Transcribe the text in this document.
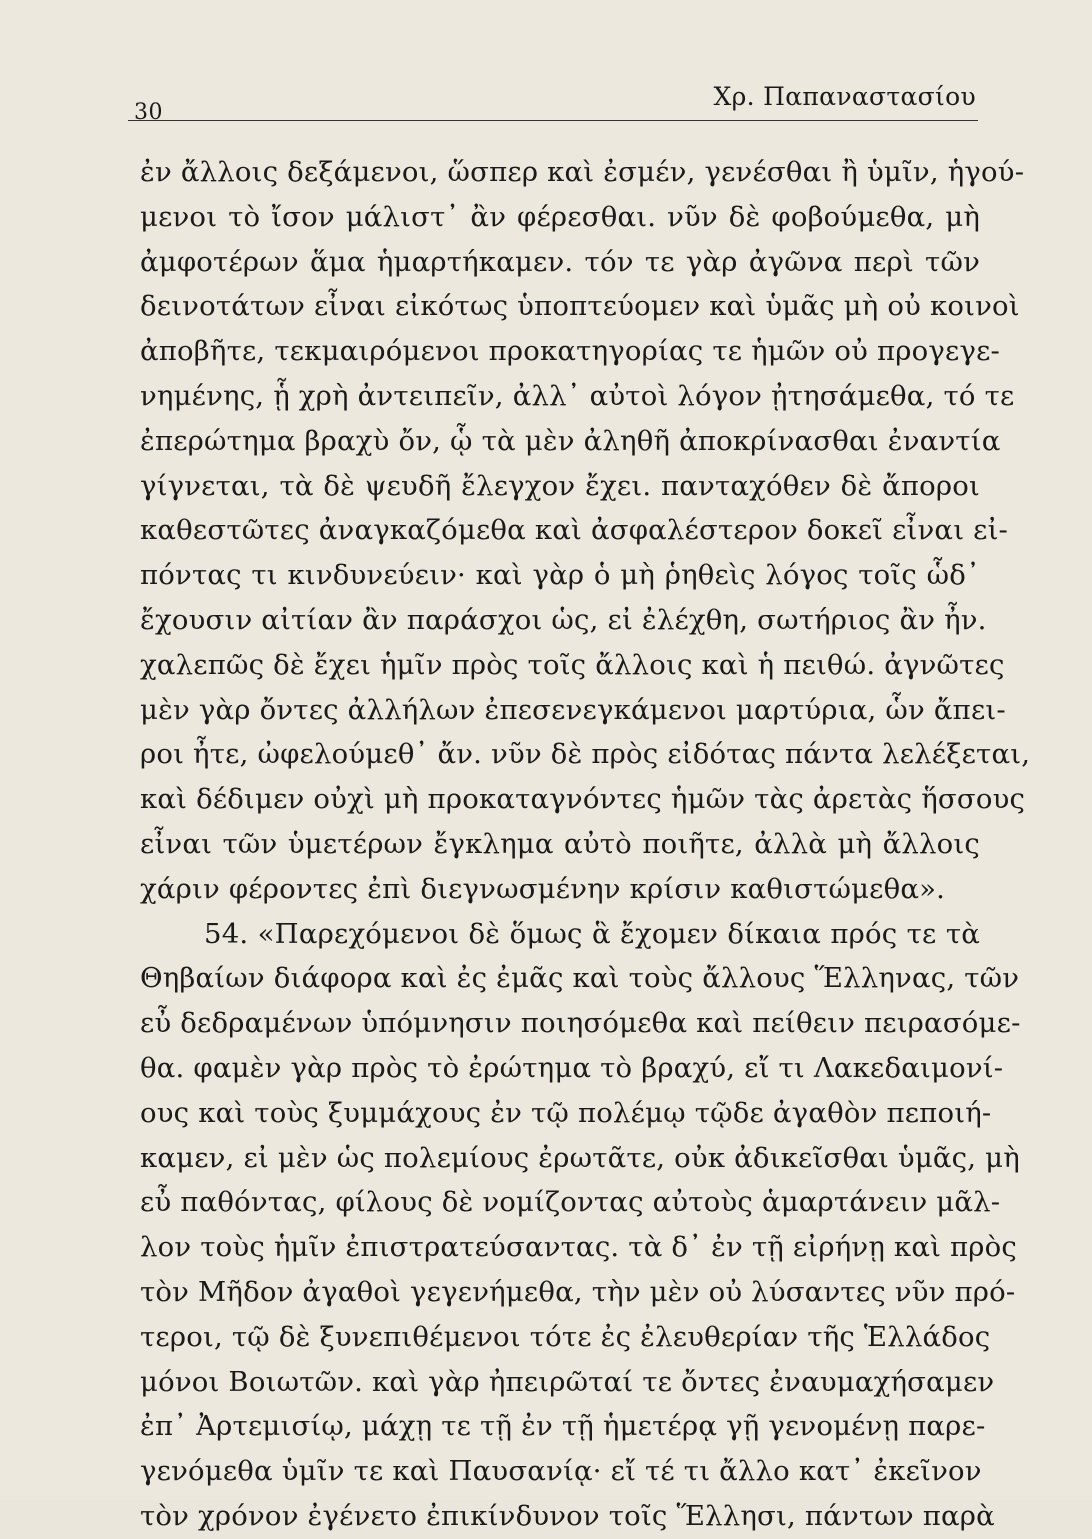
30
Χρ. Παπαναστασίου
ἐν ἄλλοις δεξάμενοι, ὥσπερ καὶ ἐσμέν, γενέσθαι ἢ ὑμῖν, ἡγού-
μενοι τὸ ἴσον μάλιστ᾽ ἂν φέρεσθαι. νῦν δὲ φοβούμεθα, μὴ
ἀμφοτέρων ἅμα ἡμαρτήκαμεν. τόν τε γὰρ ἀγῶνα περὶ τῶν
δεινοτάτων εἶναι εἰκότως ὑποπτεύομεν καὶ ὑμᾶς μὴ οὐ κοινοὶ
ἀποβῆτε, τεκμαιρόμενοι προκατηγορίας τε ἡμῶν οὐ προγεγε-
νημένης, ᾗ χρὴ ἀντειπεῖν, ἀλλ᾽ αὐτοὶ λόγον ᾐτησάμεθα, τό τε
ἐπερώτημα βραχὺ ὄν, ᾧ τὰ μὲν ἀληθῆ ἀποκρίνασθαι ἐναντία
γίγνεται, τὰ δὲ ψευδῆ ἔλεγχον ἔχει. πανταχόθεν δὲ ἄποροι
καθεστῶτες ἀναγκαζόμεθα καὶ ἀσφαλέστερον δοκεῖ εἶναι εἰ-
πόντας τι κινδυνεύειν· καὶ γὰρ ὁ μὴ ῥηθεὶς λόγος τοῖς ὧδ᾽
ἔχουσιν αἰτίαν ἂν παράσχοι ὡς, εἰ ἐλέχθη, σωτήριος ἂν ἦν.
χαλεπῶς δὲ ἔχει ἡμῖν πρὸς τοῖς ἄλλοις καὶ ἡ πειθώ. ἀγνῶτες
μὲν γὰρ ὄντες ἀλλήλων ἐπεσενεγκάμενοι μαρτύρια, ὧν ἄπει-
ροι ἦτε, ὠφελούμεθ᾽ ἄν. νῦν δὲ πρὸς εἰδότας πάντα λελέξεται,
καὶ δέδιμεν οὐχὶ μὴ προκαταγνόντες ἡμῶν τὰς ἀρετὰς ἥσσους
εἶναι τῶν ὑμετέρων ἔγκλημα αὐτὸ ποιῆτε, ἀλλὰ μὴ ἄλλοις
χάριν φέροντες ἐπὶ διεγνωσμένην κρίσιν καθιστώμεθα».
54. «Παρεχόμενοι δὲ ὅμως ἃ ἔχομεν δίκαια πρός τε τὰ
Θηβαίων διάφορα καὶ ἐς ἐμᾶς καὶ τοὺς ἄλλους Ἕλληνας, τῶν
εὖ δεδραμένων ὑπόμνησιν ποιησόμεθα καὶ πείθειν πειρασόμε-
θα. φαμὲν γὰρ πρὸς τὸ ἐρώτημα τὸ βραχύ, εἴ τι Λακεδαιμονί-
ους καὶ τοὺς ξυμμάχους ἐν τῷ πολέμῳ τῷδε ἀγαθὸν πεποιή-
καμεν, εἰ μὲν ὡς πολεμίους ἐρωτᾶτε, οὐκ ἀδικεῖσθαι ὑμᾶς, μὴ
εὖ παθόντας, φίλους δὲ νομίζοντας αὐτοὺς ἁμαρτάνειν μᾶλ-
λον τοὺς ἡμῖν ἐπιστρατεύσαντας. τὰ δ᾽ ἐν τῇ εἰρήνῃ καὶ πρὸς
τὸν Μῆδον ἀγαθοὶ γεγενήμεθα, τὴν μὲν οὐ λύσαντες νῦν πρό-
τεροι, τῷ δὲ ξυνεπιθέμενοι τότε ἐς ἐλευθερίαν τῆς Ἑλλάδος
μόνοι Βοιωτῶν. καὶ γὰρ ἠπειρῶταί τε ὄντες ἐναυμαχήσαμεν
ἐπ᾽ Ἀρτεμισίῳ, μάχῃ τε τῇ ἐν τῇ ἡμετέρᾳ γῇ γενομένῃ παρε-
γενόμεθα ὑμῖν τε καὶ Παυσανίᾳ· εἴ τέ τι ἄλλο κατ᾽ ἐκεῖνον
τὸν χρόνον ἐγένετο ἐπικίνδυνον τοῖς Ἕλλησι, πάντων παρὰ
